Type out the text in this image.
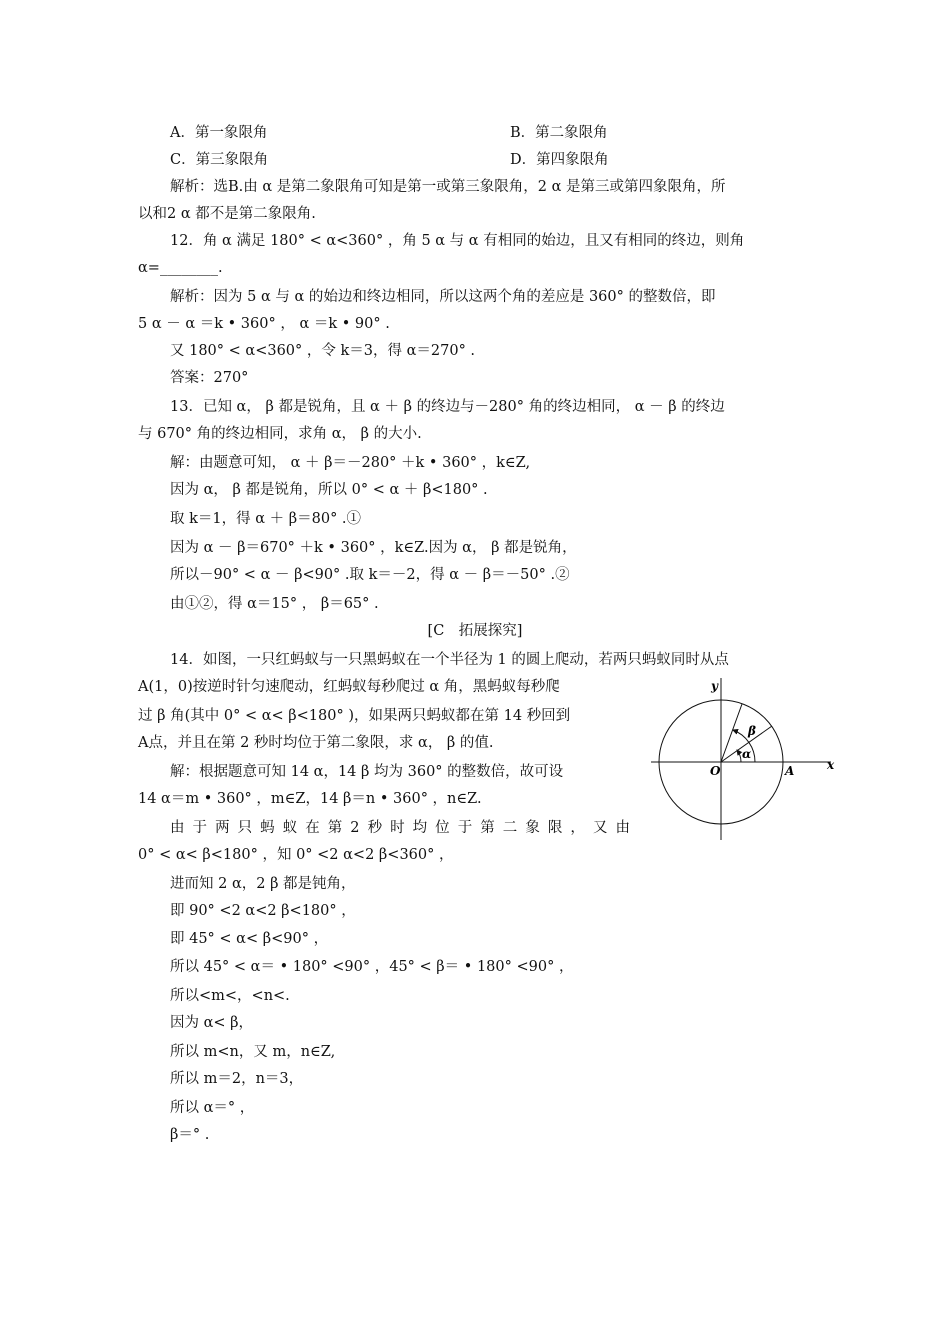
A．第一象限角	B．第二象限角
C．第三象限角	D．第四象限角
解析：选B.由 α 是第二象限角可知是第一或第三象限角，2 α 是第三或第四象限角，所
以和2 α 都不是第二象限角.
12．角 α 满足 180° < α<360° ，角 5 α 与 α 有相同的始边，且又有相同的终边，则角
α=________.
解析：因为 5 α 与 α 的始边和终边相同，所以这两个角的差应是 360° 的整数倍，即
5 α － α ＝k • 360° ， α ＝k • 90° .
又 180° < α<360° ，令 k＝3，得 α＝270° .
答案：270°
13．已知 α， β 都是锐角，且 α ＋ β 的终边与－280° 角的终边相同， α － β 的终边
与 670° 角的终边相同，求角 α， β 的大小.
解：由题意可知， α ＋ β＝－280° ＋k • 360° ，k∈Z,
因为 α， β 都是锐角，所以 0° < α ＋ β<180° .
取 k＝1，得 α ＋ β＝80° .①
因为 α － β＝670° ＋k • 360° ，k∈Z.因为 α， β 都是锐角，
所以－90° < α － β<90° .取 k＝－2，得 α － β＝－50° .②
由①②，得 α＝15° ， β＝65° .
[C　拓展探究]
14．如图，一只红蚂蚁与一只黑蚂蚁在一个半径为 1 的圆上爬动，若两只蚂蚁同时从点
A(1，0)按逆时针匀速爬动，红蚂蚁每秒爬过 α 角，黑蚂蚁每秒爬
过 β 角(其中 0° < α< β<180° )，如果两只蚂蚁都在第 14 秒回到
A点，并且在第 2 秒时均位于第二象限，求 α， β 的值.
解：根据题意可知 14 α，14 β 均为 360° 的整数倍，故可设
14 α＝m • 360° ，m∈Z，14 β＝n • 360° ，n∈Z.
由于两只蚂蚁在第2秒时均位于第二象限，又由
0° < α< β<180° ，知 0° <2 α<2 β<360° ，
进而知 2 α，2 β 都是钝角，
即 90° <2 α<2 β<180° ，
即 45° < α< β<90° ，
所以 45° < α＝ • 180° <90° ，45° < β＝ • 180° <90° ，
所以<m<，<n<.
因为 α< β，
所以 m<n，又 m，n∈Z,
所以 m＝2，n＝3，
所以 α＝° ，
β＝° .
y
x
O	A
α
β
